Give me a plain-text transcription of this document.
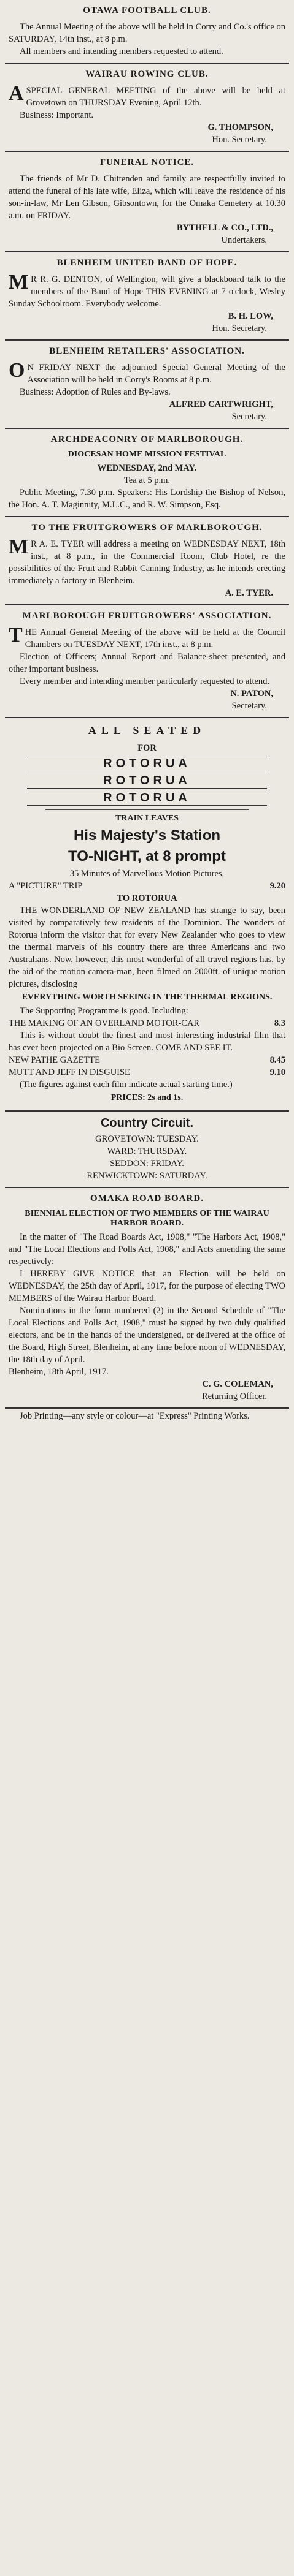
OTAWA FOOTBALL CLUB.

The Annual Meeting of the above will be held in Corry and Co.'s office on SATURDAY, 14th inst., at 8 p.m.

All members and intending members requested to attend.

WAIRAU ROWING CLUB.

ASPECIAL GENERAL MEETING of the above will be held at Grovetown on THURSDAY Evening, April 12th.

Business: Important.

G. THOMPSON,
Hon. Secretary.
FUNERAL NOTICE.

The friends of Mr D. Chittenden and family are respectfully invited to attend the funeral of his late wife, Eliza, which will leave the residence of his son-in-law, Mr Len Gibson, Gibsontown, for the Omaka Cemetery at 10.30 a.m. on FRIDAY.

BYTHELL & CO., LTD.,
Undertakers.
BLENHEIM UNITED BAND OF HOPE.

MR R. G. DENTON, of Wellington, will give a blackboard talk to the members of the Band of Hope THIS EVENING at 7 o'clock, Wesley Sunday Schoolroom. Everybody welcome.

B. H. LOW,
Hon. Secretary.
BLENHEIM RETAILERS' ASSOCIATION.

ON FRIDAY NEXT the adjourned Special General Meeting of the Association will be held in Corry's Rooms at 8 p.m.

Business: Adoption of Rules and By-laws.

ALFRED CARTWRIGHT,
Secretary.
ARCHDEACONRY OF MARLBOROUGH.
DIOCESAN HOME MISSION FESTIVAL
WEDNESDAY, 2nd MAY.
Tea at 5 p.m.

Public Meeting, 7.30 p.m. Speakers: His Lordship the Bishop of Nelson, the Hon. A. T. Maginnity, M.L.C., and R. W. Simpson, Esq.

TO THE FRUITGROWERS OF MARLBOROUGH.

MR A. E. TYER will address a meeting on WEDNESDAY NEXT, 18th inst., at 8 p.m., in the Commercial Room, Club Hotel, re the possibilities of the Fruit and Rabbit Canning Industry, as he intends erecting immediately a factory in Blenheim.

A. E. TYER.
MARLBOROUGH FRUITGROWERS' ASSOCIATION.

THE Annual General Meeting of the above will be held at the Council Chambers on TUESDAY NEXT, 17th inst., at 8 p.m.

Election of Officers; Annual Report and Balance-sheet presented, and other important business.

Every member and intending member particularly requested to attend.

N. PATON,
Secretary.
ALL SEATED
FOR
ROTORUA
ROTORUA
ROTORUA
TRAIN LEAVES
His Majesty's Station
TO-NIGHT, at 8 prompt
35 Minutes of Marvellous Motion Pictures,
A "PICTURE" TRIP	9.20
TO ROTORUA

THE WONDERLAND OF NEW ZEALAND has strange to say, been visited by comparatively few residents of the Dominion. The wonders of Rotorua inform the visitor that for every New Zealander who goes to view the thermal marvels of his country there are three Americans and two Australians. Now, however, this most wonderful of all travel regions has, by the aid of the motion camera-man, been filmed on 2000ft. of unique motion pictures, disclosing

EVERYTHING WORTH SEEING IN THE THERMAL REGIONS.

The Supporting Programme is good. Including:

THE MAKING OF AN OVERLAND MOTOR-CAR	8.3

This is without doubt the finest and most interesting industrial film that has ever been projected on a Bio Screen. COME AND SEE IT.

NEW PATHE GAZETTE	8.45
MUTT AND JEFF IN DISGUISE	9.10

(The figures against each film indicate actual starting time.)

PRICES: 2s and 1s.
Country Circuit.
GROVETOWN: TUESDAY.
WARD: THURSDAY.
SEDDON: FRIDAY.
RENWICKTOWN: SATURDAY.
OMAKA ROAD BOARD.
BIENNIAL ELECTION OF TWO MEMBERS OF THE WAIRAU HARBOR BOARD.

In the matter of "The Road Boards Act, 1908," "The Harbors Act, 1908," and "The Local Elections and Polls Act, 1908," and Acts amending the same respectively:

I HEREBY GIVE NOTICE that an Election will be held on WEDNESDAY, the 25th day of April, 1917, for the purpose of electing TWO MEMBERS of the Wairau Harbor Board.

Nominations in the form numbered (2) in the Second Schedule of "The Local Elections and Polls Act, 1908," must be signed by two duly qualified electors, and be in the hands of the undersigned, or delivered at the office of the Board, High Street, Blenheim, at any time before noon of WEDNESDAY, the 18th day of April.

Blenheim, 18th April, 1917.

C. G. COLEMAN,
Returning Officer.

Job Printing—any style or colour—at "Express" Printing Works.
